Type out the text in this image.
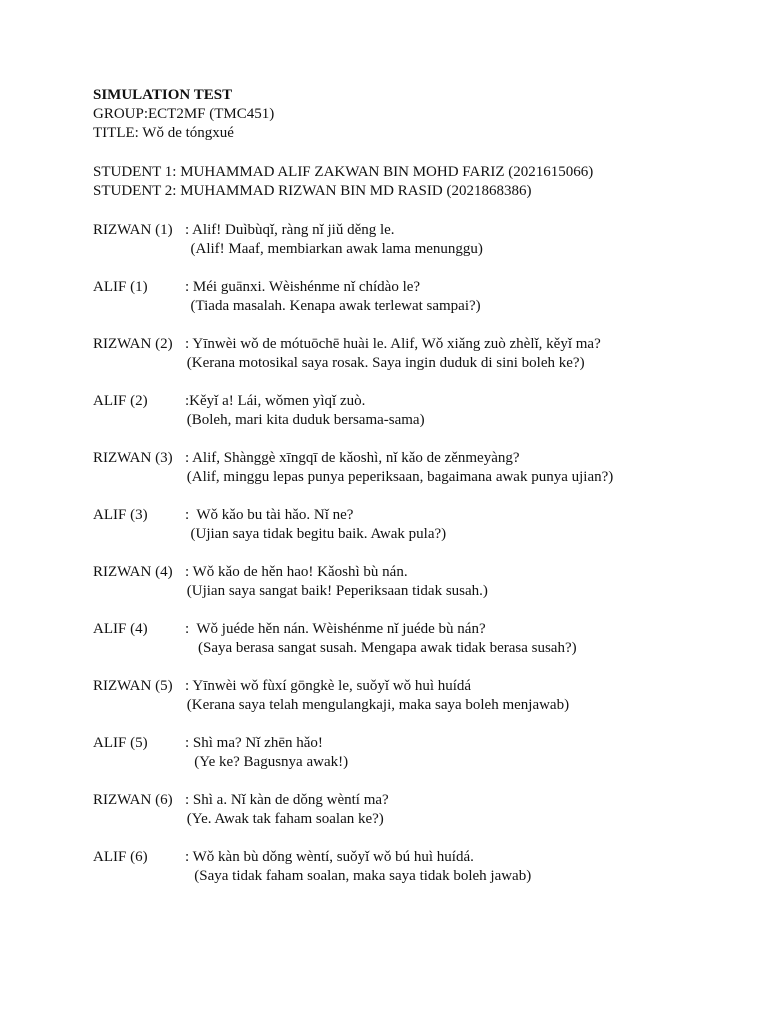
SIMULATION TEST
GROUP:ECT2MF (TMC451)
TITLE: Wǒ de tóngxué
STUDENT 1: MUHAMMAD ALIF ZAKWAN BIN MOHD FARIZ (2021615066)
STUDENT 2: MUHAMMAD RIZWAN BIN MD RASID (2021868386)
RIZWAN (1) : Alif! Duìbùqǐ, ràng nǐ jiǔ děng le.
(Alif! Maaf, membiarkan awak lama menunggu)
ALIF (1)	: Méi guānxi. Wèishénme nǐ chídào le?
(Tiada masalah. Kenapa awak terlewat sampai?)
RIZWAN (2) : Yīnwèi wǒ de mótuōchē huài le. Alif, Wǒ xiǎng zuò zhèlǐ, kěyǐ ma?
(Kerana motosikal saya rosak. Saya ingin duduk di sini boleh ke?)
ALIF (2)	:Kěyǐ a! Lái, wǒmen yìqǐ zuò.
(Boleh, mari kita duduk bersama-sama)
RIZWAN (3) : Alif, Shànggè xīngqī de kǎoshì, nǐ kǎo de zěnmeyàng?
(Alif, minggu lepas punya peperiksaan, bagaimana awak punya ujian?)
ALIF (3)	:  Wǒ kǎo bu tài hǎo. Nǐ ne?
(Ujian saya tidak begitu baik. Awak pula?)
RIZWAN (4) : Wǒ kǎo de hěn hao! Kǎoshì bù nán.
(Ujian saya sangat baik! Peperiksaan tidak susah.)
ALIF (4)	:  Wǒ juéde hěn nán. Wèishénme nǐ juéde bù nán?
(Saya berasa sangat susah. Mengapa awak tidak berasa susah?)
RIZWAN (5) : Yīnwèi wǒ fùxí gōngkè le, suǒyǐ wǒ huì huídá
(Kerana saya telah mengulangkaji, maka saya boleh menjawab)
ALIF (5)	: Shì ma? Nǐ zhēn hǎo!
(Ye ke? Bagusnya awak!)
RIZWAN (6) : Shì a. Nǐ kàn de dǒng wèntí ma?
(Ye. Awak tak faham soalan ke?)
ALIF (6)	: Wǒ kàn bù dǒng wèntí, suǒyǐ wǒ bú huì huídá.
(Saya tidak faham soalan, maka saya tidak boleh jawab)
